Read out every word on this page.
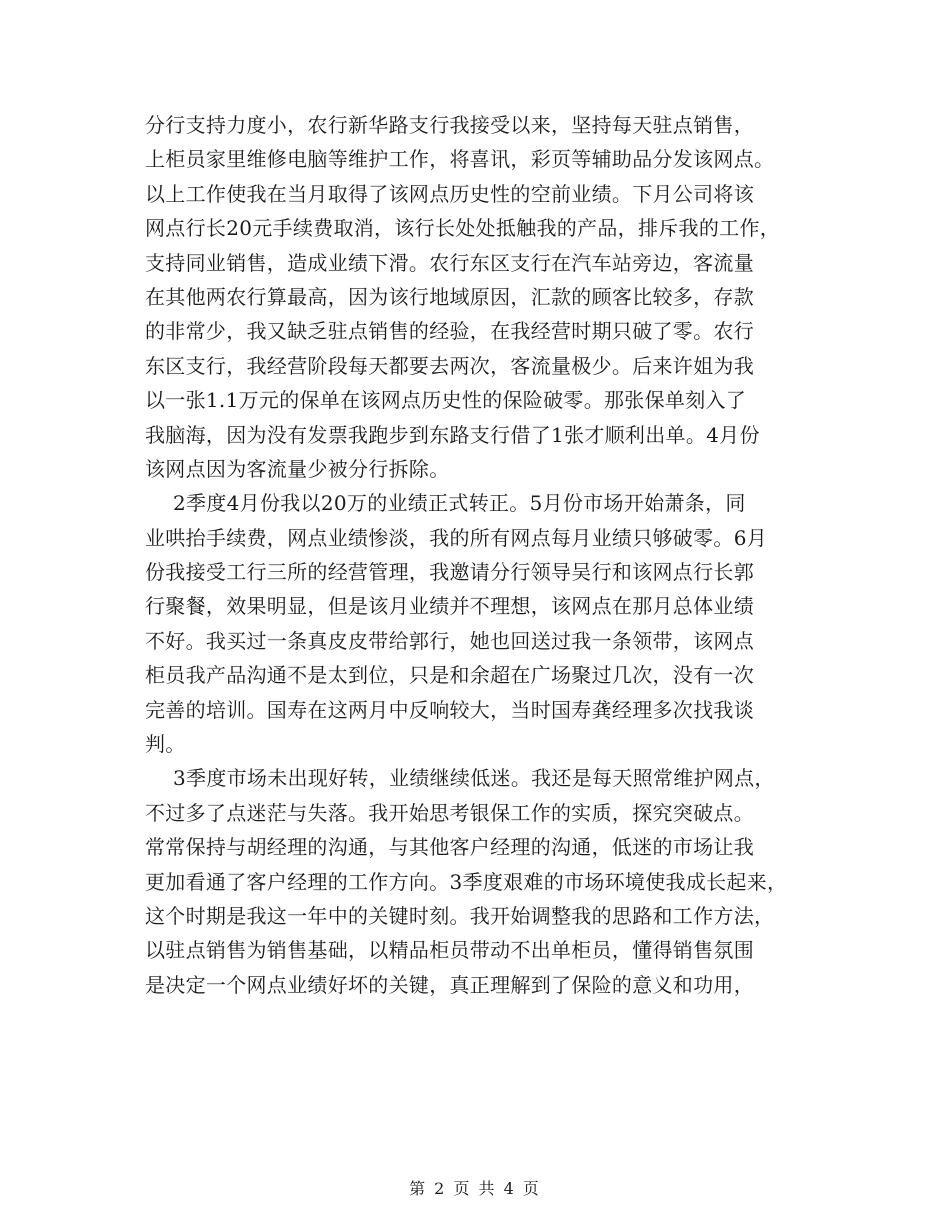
分行支持力度小，农行新华路支行我接受以来，坚持每天驻点销售，
上柜员家里维修电脑等维护工作，将喜讯，彩页等辅助品分发该网点。
以上工作使我在当月取得了该网点历史性的空前业绩。下月公司将该
网点行长20元手续费取消，该行长处处抵触我的产品，排斥我的工作，
支持同业销售，造成业绩下滑。农行东区支行在汽车站旁边，客流量
在其他两农行算最高，因为该行地域原因，汇款的顾客比较多，存款
的非常少，我又缺乏驻点销售的经验，在我经营时期只破了零。农行
东区支行，我经营阶段每天都要去两次，客流量极少。后来许姐为我
以一张1.1万元的保单在该网点历史性的保险破零。那张保单刻入了
我脑海，因为没有发票我跑步到东路支行借了1张才顺利出单。4月份
该网点因为客流量少被分行拆除。
2季度4月份我以20万的业绩正式转正。5月份市场开始萧条，同
业哄抬手续费，网点业绩惨淡，我的所有网点每月业绩只够破零。6月
份我接受工行三所的经营管理，我邀请分行领导吴行和该网点行长郭
行聚餐，效果明显，但是该月业绩并不理想，该网点在那月总体业绩
不好。我买过一条真皮皮带给郭行，她也回送过我一条领带，该网点
柜员我产品沟通不是太到位，只是和余超在广场聚过几次，没有一次
完善的培训。国寿在这两月中反响较大，当时国寿龚经理多次找我谈
判。
3季度市场未出现好转，业绩继续低迷。我还是每天照常维护网点，
不过多了点迷茫与失落。我开始思考银保工作的实质，探究突破点。
常常保持与胡经理的沟通，与其他客户经理的沟通，低迷的市场让我
更加看通了客户经理的工作方向。3季度艰难的市场环境使我成长起来，
这个时期是我这一年中的关键时刻。我开始调整我的思路和工作方法，
以驻点销售为销售基础，以精品柜员带动不出单柜员，懂得销售氛围
是决定一个网点业绩好坏的关键，真正理解到了保险的意义和功用，
第 2 页 共 4 页
